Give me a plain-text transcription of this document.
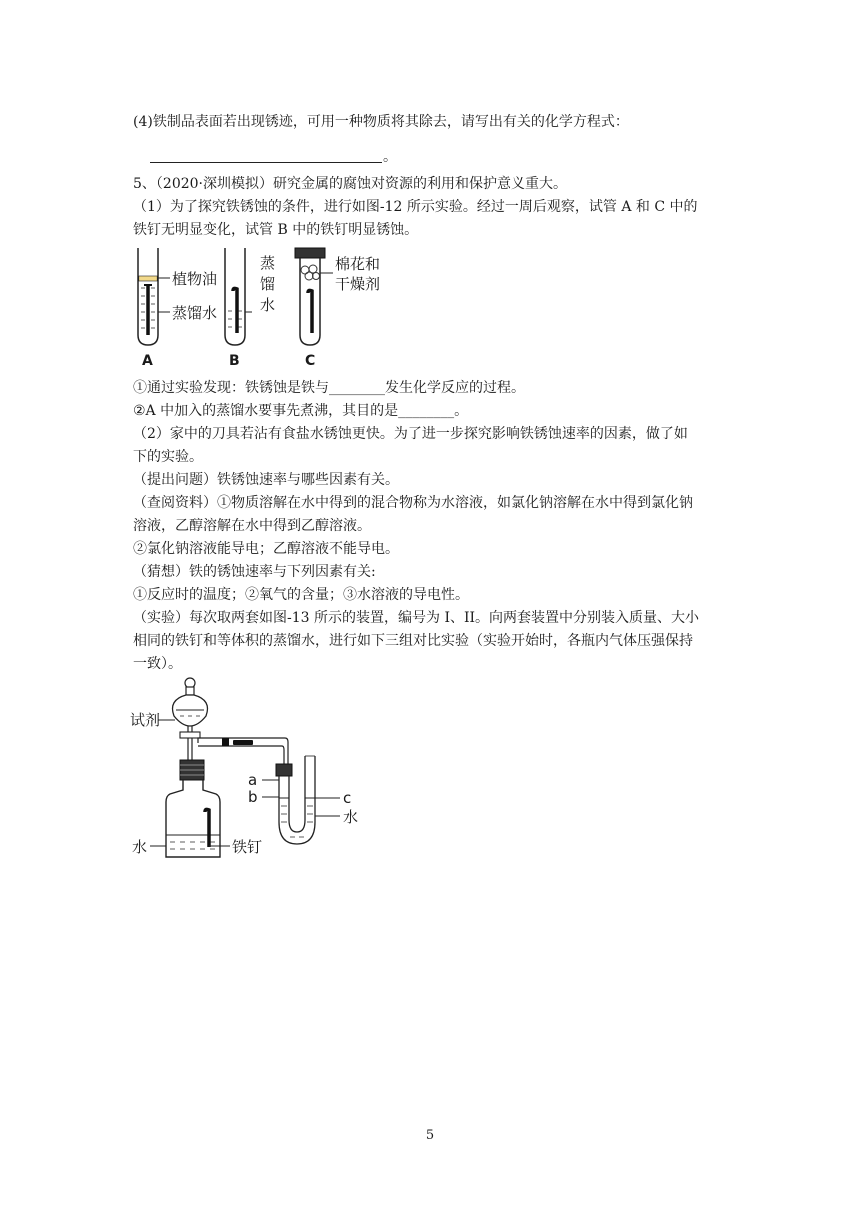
(4)铁制品表面若出现锈迹，可用一种物质将其除去，请写出有关的化学方程式：
。
5、（2020·深圳模拟）研究金属的腐蚀对资源的利用和保护意义重大。
（1）为了探究铁锈蚀的条件，进行如图-12 所示实验。经过一周后观察，试管 A 和 C 中的
铁钉无明显变化，试管 B 中的铁钉明显锈蚀。
植物油
蒸馏水
A
蒸
馏
水
B
棉花和
干燥剂
C
①通过实验发现：铁锈蚀是铁与________发生化学反应的过程。
②A 中加入的蒸馏水要事先煮沸，其目的是________。
（2）家中的刀具若沾有食盐水锈蚀更快。为了进一步探究影响铁锈蚀速率的因素，做了如
下的实验。
（提出问题）铁锈蚀速率与哪些因素有关。
（查阅资料）①物质溶解在水中得到的混合物称为水溶液，如氯化钠溶解在水中得到氯化钠
溶液，乙醇溶解在水中得到乙醇溶液。
②氯化钠溶液能导电；乙醇溶液不能导电。
（猜想）铁的锈蚀速率与下列因素有关:
①反应时的温度；②氧气的含量；③水溶液的导电性。
（实验）每次取两套如图-13 所示的装置，编号为 I、II。向两套装置中分别装入质量、大小
相同的铁钉和等体积的蒸馏水，进行如下三组对比实验（实验开始时，各瓶内气体压强保持
一致）。
试剂
水	铁钉
a
b	c
水
5
